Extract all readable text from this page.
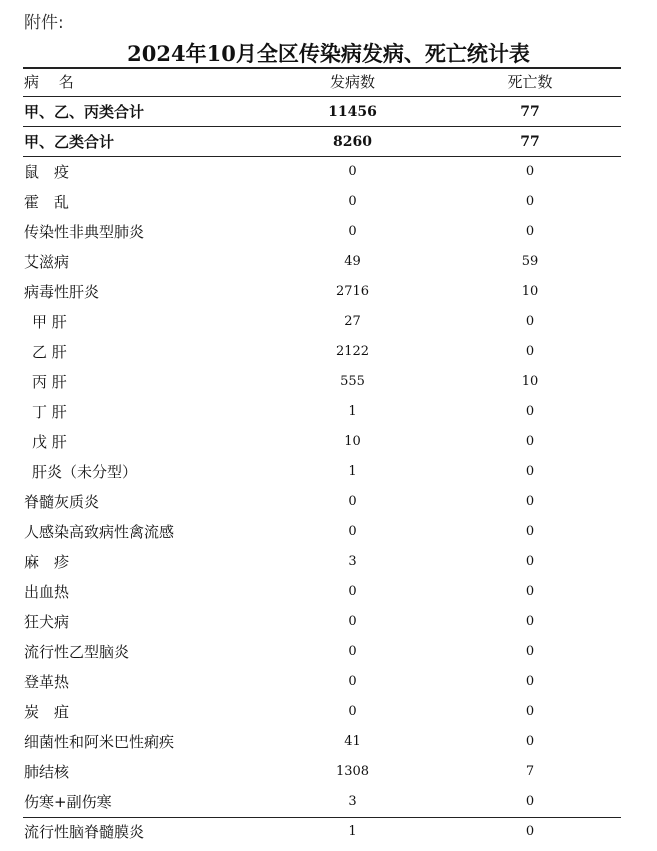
附件:
2024年10月全区传染病发病、死亡统计表
病　 名	发病数	死亡数
甲、乙、丙类合计	11456	77
甲、乙类合计	8260	77
鼠　疫	0	0
霍　乱	0	0
传染性非典型肺炎	0	0
艾滋病	49	59
病毒性肝炎	2716	10
甲 肝	27	0
乙 肝	2122	0
丙 肝	555	10
丁 肝	1	0
戊 肝	10	0
肝炎（未分型）	1	0
脊髓灰质炎	0	0
人感染高致病性禽流感	0	0
麻　疹	3	0
出血热	0	0
狂犬病	0	0
流行性乙型脑炎	0	0
登革热	0	0
炭　疽	0	0
细菌性和阿米巴性痢疾	41	0
肺结核	1308	7
伤寒+副伤寒	3	0
流行性脑脊髓膜炎	1	0
